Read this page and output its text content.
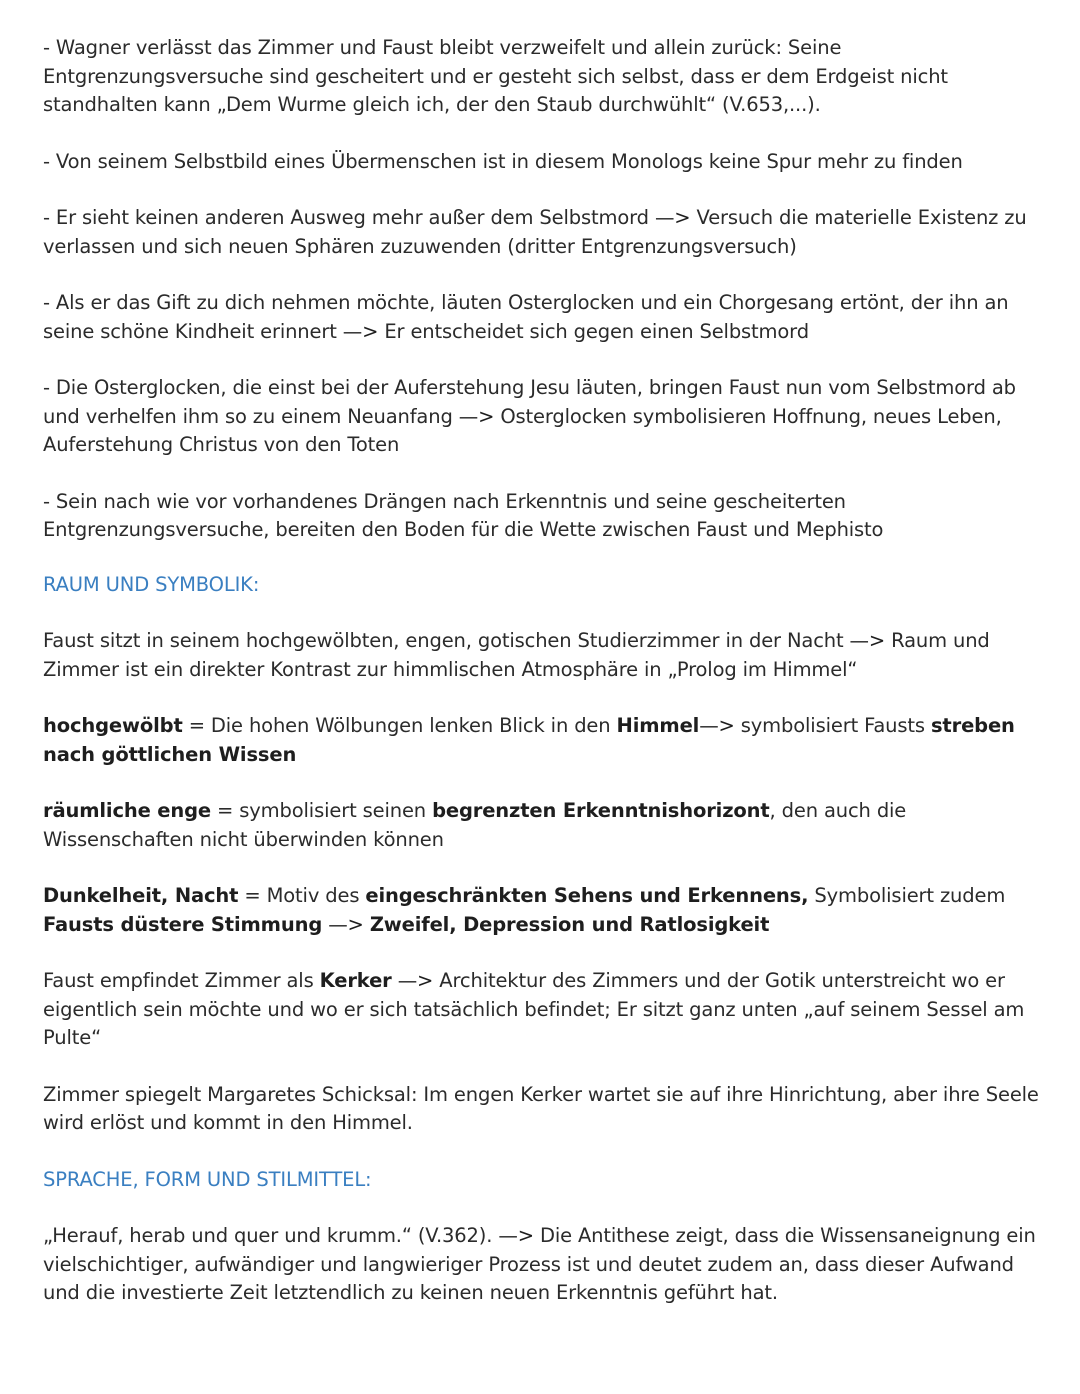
- Wagner verlässt das Zimmer und Faust bleibt verzweifelt und allein zurück: Seine Entgrenzungsversuche sind gescheitert und er gesteht sich selbst, dass er dem Erdgeist nicht standhalten kann „Dem Wurme gleich ich, der den Staub durchwühlt“ (V.653,...).

- Von seinem Selbstbild eines Übermenschen ist in diesem Monologs keine Spur mehr zu finden

- Er sieht keinen anderen Ausweg mehr außer dem Selbstmord —> Versuch die materielle Existenz zu verlassen und sich neuen Sphären zuzuwenden (dritter Entgrenzungsversuch)

- Als er das Gift zu dich nehmen möchte, läuten Osterglocken und ein Chorgesang ertönt, der ihn an seine schöne Kindheit erinnert —> Er entscheidet sich gegen einen Selbstmord

- Die Osterglocken, die einst bei der Auferstehung Jesu läuten, bringen Faust nun vom Selbstmord ab und verhelfen ihm so zu einem Neuanfang —> Osterglocken symbolisieren Hoffnung, neues Leben, Auferstehung Christus von den Toten

- Sein nach wie vor vorhandenes Drängen nach Erkenntnis und seine gescheiterten Entgrenzungsversuche, bereiten den Boden für die Wette zwischen Faust und Mephisto

RAUM UND SYMBOLIK:

Faust sitzt in seinem hochgewölbten, engen, gotischen Studierzimmer in der Nacht —> Raum und Zimmer ist ein direkter Kontrast zur himmlischen Atmosphäre in „Prolog im Himmel“

hochgewölbt = Die hohen Wölbungen lenken Blick in den Himmel—> symbolisiert Fausts streben nach göttlichen Wissen

räumliche enge = symbolisiert seinen begrenzten Erkenntnishorizont, den auch die Wissenschaften nicht überwinden können

Dunkelheit, Nacht = Motiv des eingeschränkten Sehens und Erkennens, Symbolisiert zudem Fausts düstere Stimmung —> Zweifel, Depression und Ratlosigkeit

Faust empfindet Zimmer als Kerker —> Architektur des Zimmers und der Gotik unterstreicht wo er eigentlich sein möchte und wo er sich tatsächlich befindet; Er sitzt ganz unten „auf seinem Sessel am Pulte“

Zimmer spiegelt Margaretes Schicksal: Im engen Kerker wartet sie auf ihre Hinrichtung, aber ihre Seele wird erlöst und kommt in den Himmel.

SPRACHE, FORM UND STILMITTEL:

„Herauf, herab und quer und krumm.“ (V.362). —> Die Antithese zeigt, dass die Wissensaneignung ein vielschichtiger, aufwändiger und langwieriger Prozess ist und deutet zudem an, dass dieser Aufwand und die investierte Zeit letztendlich zu keinen neuen Erkenntnis geführt hat.
